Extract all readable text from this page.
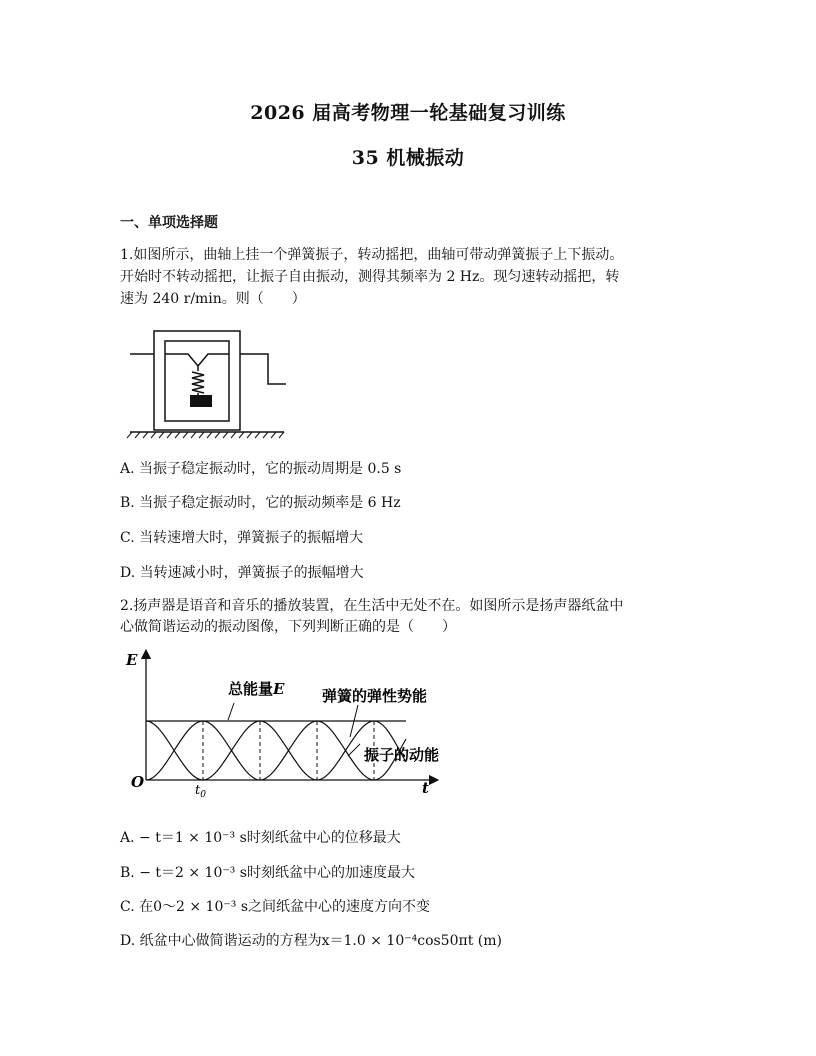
2026 届高考物理一轮基础复习训练
35 机械振动
一、单项选择题
1.如图所示，曲轴上挂一个弹簧振子，转动摇把，曲轴可带动弹簧振子上下振动。
开始时不转动摇把，让振子自由振动，测得其频率为 2 Hz。现匀速转动摇把，转
速为 240 r/min。则（　　）
A. 当振子稳定振动时，它的振动周期是 0.5 s
B. 当振子稳定振动时，它的振动频率是 6 Hz
C. 当转速增大时，弹簧振子的振幅增大
D. 当转速减小时，弹簧振子的振幅增大
2.扬声器是语音和音乐的播放装置，在生活中无处不在。如图所示是扬声器纸盆中
心做简谐运动的振动图像，下列判断正确的是（　　）
E
t
O	$t_0$
总能量E	弹簧的弹性势能
振子的动能
A. − t＝1 × 10⁻³ s时刻纸盆中心的位移最大
B. − t＝2 × 10⁻³ s时刻纸盆中心的加速度最大
C. 在0～2 × 10⁻³ s之间纸盆中心的速度方向不变
D. 纸盆中心做简谐运动的方程为x＝1.0 × 10⁻⁴cos50πt (m)
